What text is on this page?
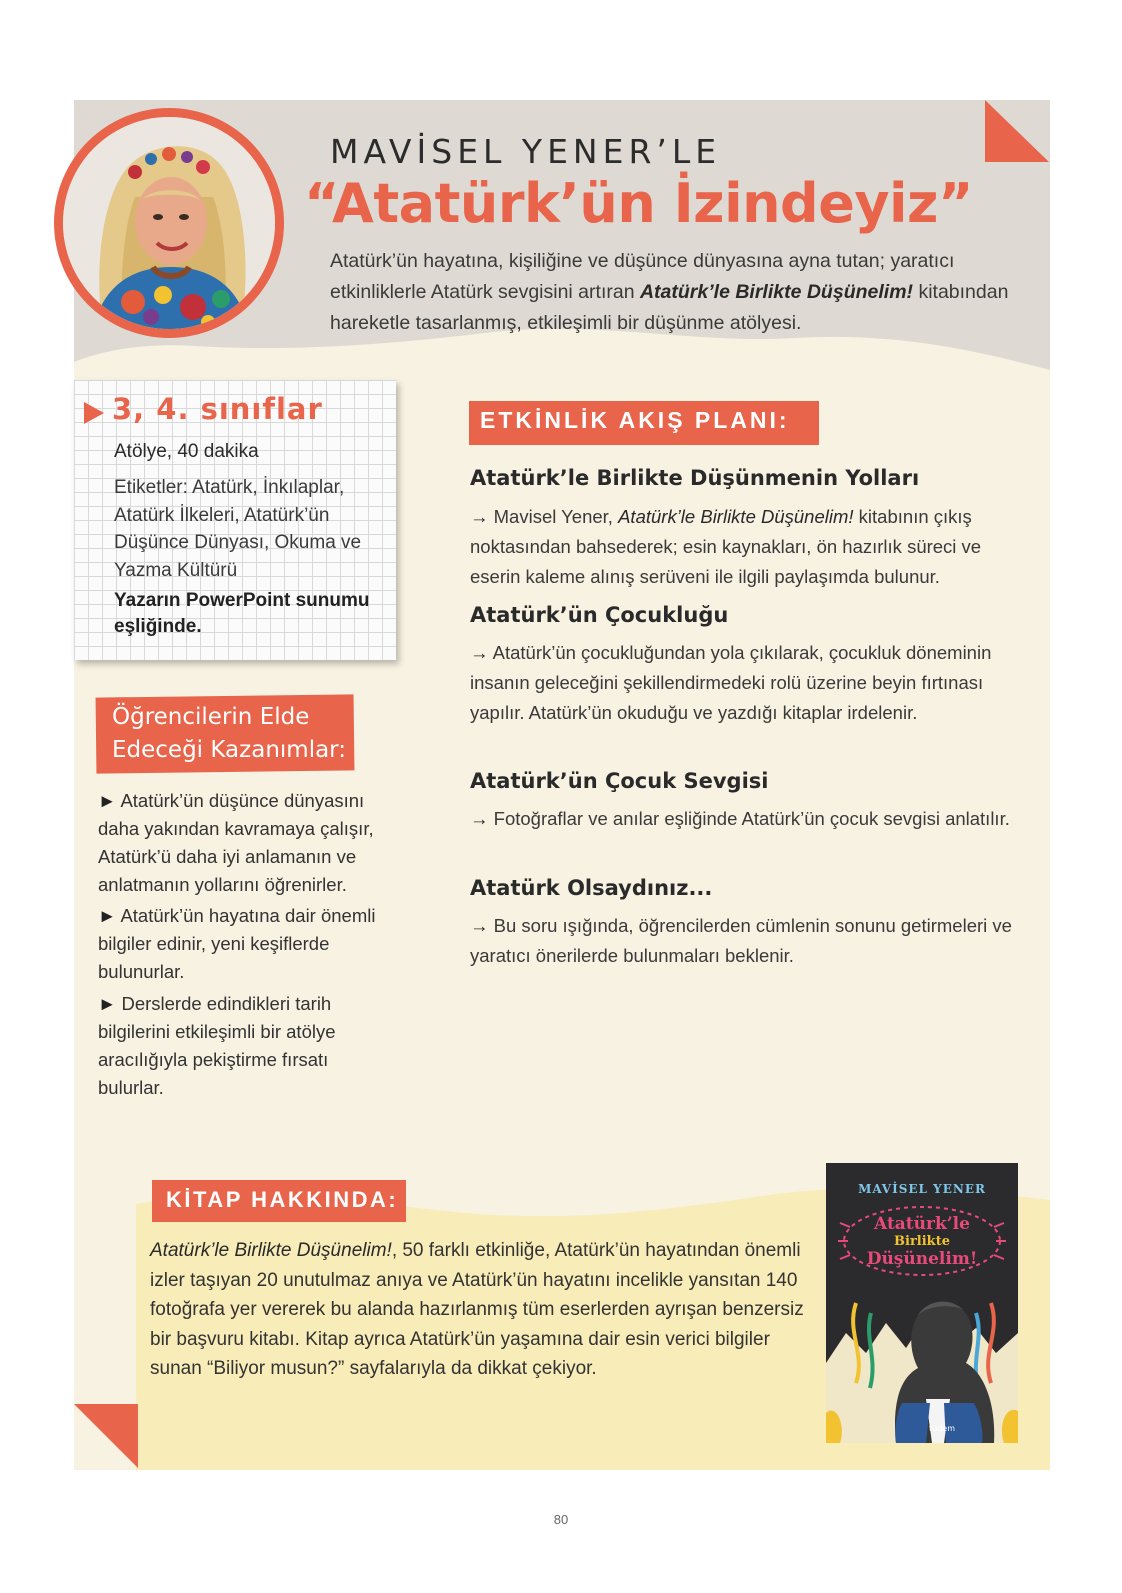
MAVİSEL YENER’LE
“Atatürk’ün İzindeyiz”
Atatürk’ün hayatına, kişiliğine ve düşünce dünyasına ayna tutan; yaratıcı etkinliklerle Atatürk sevgisini artıran Atatürk’le Birlikte Düşünelim! kitabından hareketle tasarlanmış, etkileşimli bir düşünme atölyesi.
3, 4. sınıflar
Atölye, 40 dakika
Etiketler: Atatürk, İnkılaplar, Atatürk İlkeleri, Atatürk’ün Düşünce Dünyası, Okuma ve Yazma Kültürü
Yazarın PowerPoint sunumu eşliğinde.
Öğrencilerin Elde Edeceği Kazanımlar:
► Atatürk’ün düşünce dünyasını daha yakından kavramaya çalışır, Atatürk’ü daha iyi anlamanın ve anlatmanın yollarını öğrenirler.
► Atatürk’ün hayatına dair önemli bilgiler edinir, yeni keşiflerde bulunurlar.
► Derslerde edindikleri tarih bilgilerini etkileşimli bir atölye aracılığıyla pekiştirme fırsatı bulurlar.
ETKİNLİK AKIŞ PLANI:
Atatürk’le Birlikte Düşünmenin Yolları
→ Mavisel Yener, Atatürk’le Birlikte Düşünelim! kitabının çıkış noktasından bahsederek; esin kaynakları, ön hazırlık süreci ve eserin kaleme alınış serüveni ile ilgili paylaşımda bulunur.
Atatürk’ün Çocukluğu
→ Atatürk’ün çocukluğundan yola çıkılarak, çocukluk döneminin insanın geleceğini şekillendirmedeki rolü üzerine beyin fırtınası yapılır. Atatürk’ün okuduğu ve yazdığı kitaplar irdelenir.
Atatürk’ün Çocuk Sevgisi
→ Fotoğraflar ve anılar eşliğinde Atatürk’ün çocuk sevgisi anlatılır.
Atatürk Olsaydınız...
→ Bu soru ışığında, öğrencilerden cümlenin sonunu getirmeleri ve yaratıcı önerilerde bulunmaları beklenir.
KİTAP HAKKINDA:
Atatürk’le Birlikte Düşünelim!, 50 farklı etkinliğe, Atatürk’ün hayatından önemli izler taşıyan 20 unutulmaz anıya ve Atatürk’ün hayatını incelikle yansıtan 140 fotoğrafa yer vererek bu alanda hazırlanmış tüm eserlerden ayrışan benzersiz bir başvuru kitabı. Kitap ayrıca Atatürk’ün yaşamına dair esin verici bilgiler sunan “Biliyor musun?” sayfalarıyla da dikkat çekiyor.
MAVİSEL YENER
Atatürk’le
Birlikte
Düşünelim!
tudem
80
